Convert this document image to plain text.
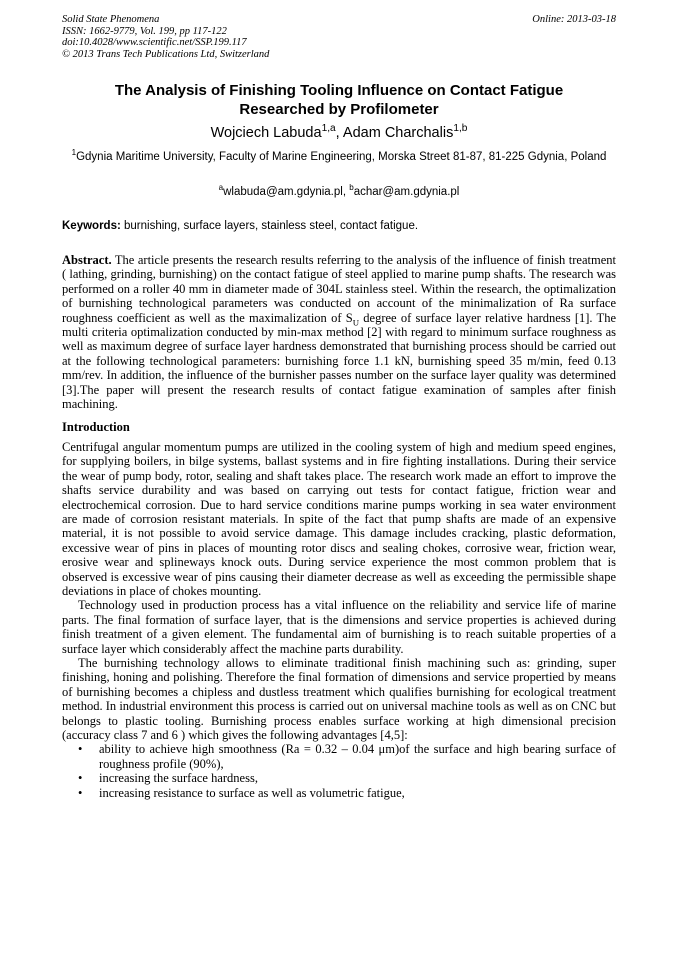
Solid State Phenomena
ISSN: 1662-9779, Vol. 199, pp 117-122
doi:10.4028/www.scientific.net/SSP.199.117
© 2013 Trans Tech Publications Ltd, Switzerland
Online: 2013-03-18
The Analysis of Finishing Tooling Influence on Contact Fatigue
Researched by Profilometer
Wojciech Labuda$^{1,a}$, Adam Charchalis$^{1,b}$
$^1$Gdynia Maritime University, Faculty of Marine Engineering, Morska Street 81-87, 81-225 Gdynia, Poland
$^a$wlabuda@am.gdynia.pl, $^b$achar@am.gdynia.pl
Keywords: burnishing, surface layers, stainless steel, contact fatigue.

Abstract. The article presents the research results referring to the analysis of the influence of finish treatment ( lathing, grinding, burnishing) on the contact fatigue of steel applied to marine pump shafts. The research was performed on a roller 40 mm in diameter made of 304L stainless steel. Within the research, the optimalization of burnishing technological parameters was conducted on account of the minimalization of Ra surface roughness coefficient as well as the maximalization of $S_U$ degree of surface layer relative hardness [1]. The multi criteria optimalization conducted by min-max method [2] with regard to minimum surface roughness as well as maximum degree of surface layer hardness demonstrated that burnishing process should be carried out at the following technological parameters: burnishing force 1.1 kN, burnishing speed 35 m/min, feed 0.13 mm/rev. In addition, the influence of the burnisher passes number on the surface layer quality was determined [3].The paper will present the research results of contact fatigue examination of samples after finish machining.

Introduction

Centrifugal angular momentum pumps are utilized in the cooling system of high and medium speed engines, for supplying boilers, in bilge systems, ballast systems and in fire fighting installations. During their service the wear of pump body, rotor, sealing and shaft takes place. The research work made an effort to improve the shafts service durability and was based on carrying out tests for contact fatigue, friction wear and electrochemical corrosion. Due to hard service conditions marine pumps working in sea water environment are made of corrosion resistant materials. In spite of the fact that pump shafts are made of an expensive material, it is not possible to avoid service damage. This damage includes cracking, plastic deformation, excessive wear of pins in places of mounting rotor discs and sealing chokes, corrosive wear, friction wear, erosive wear and splineways knock outs. During service experience the most common problem that is observed is excessive wear of pins causing their diameter decrease as well as exceeding the permissible shape deviations in place of chokes mounting.

Technology used in production process has a vital influence on the reliability and service life of marine parts. The final formation of surface layer, that is the dimensions and service properties is achieved during finish treatment of a given element. The fundamental aim of burnishing is to reach suitable properties of a surface layer which considerably affect the machine parts durability.

The burnishing technology allows to eliminate traditional finish machining such as: grinding, super finishing, honing and polishing. Therefore the final formation of dimensions and service propertied by means of burnishing becomes a chipless and dustless treatment which qualifies burnishing for ecological treatment method. In industrial environment this process is carried out on universal machine tools as well as on CNC but belongs to plastic tooling. Burnishing process enables surface working at high dimensional precision (accuracy class 7 and 6 ) which gives the following advantages [4,5]:

• ability to achieve high smoothness (Ra = 0.32 – 0.04 μm)of the surface and high bearing surface of roughness profile (90%),
• increasing the surface hardness,
• increasing resistance to surface as well as volumetric fatigue,
